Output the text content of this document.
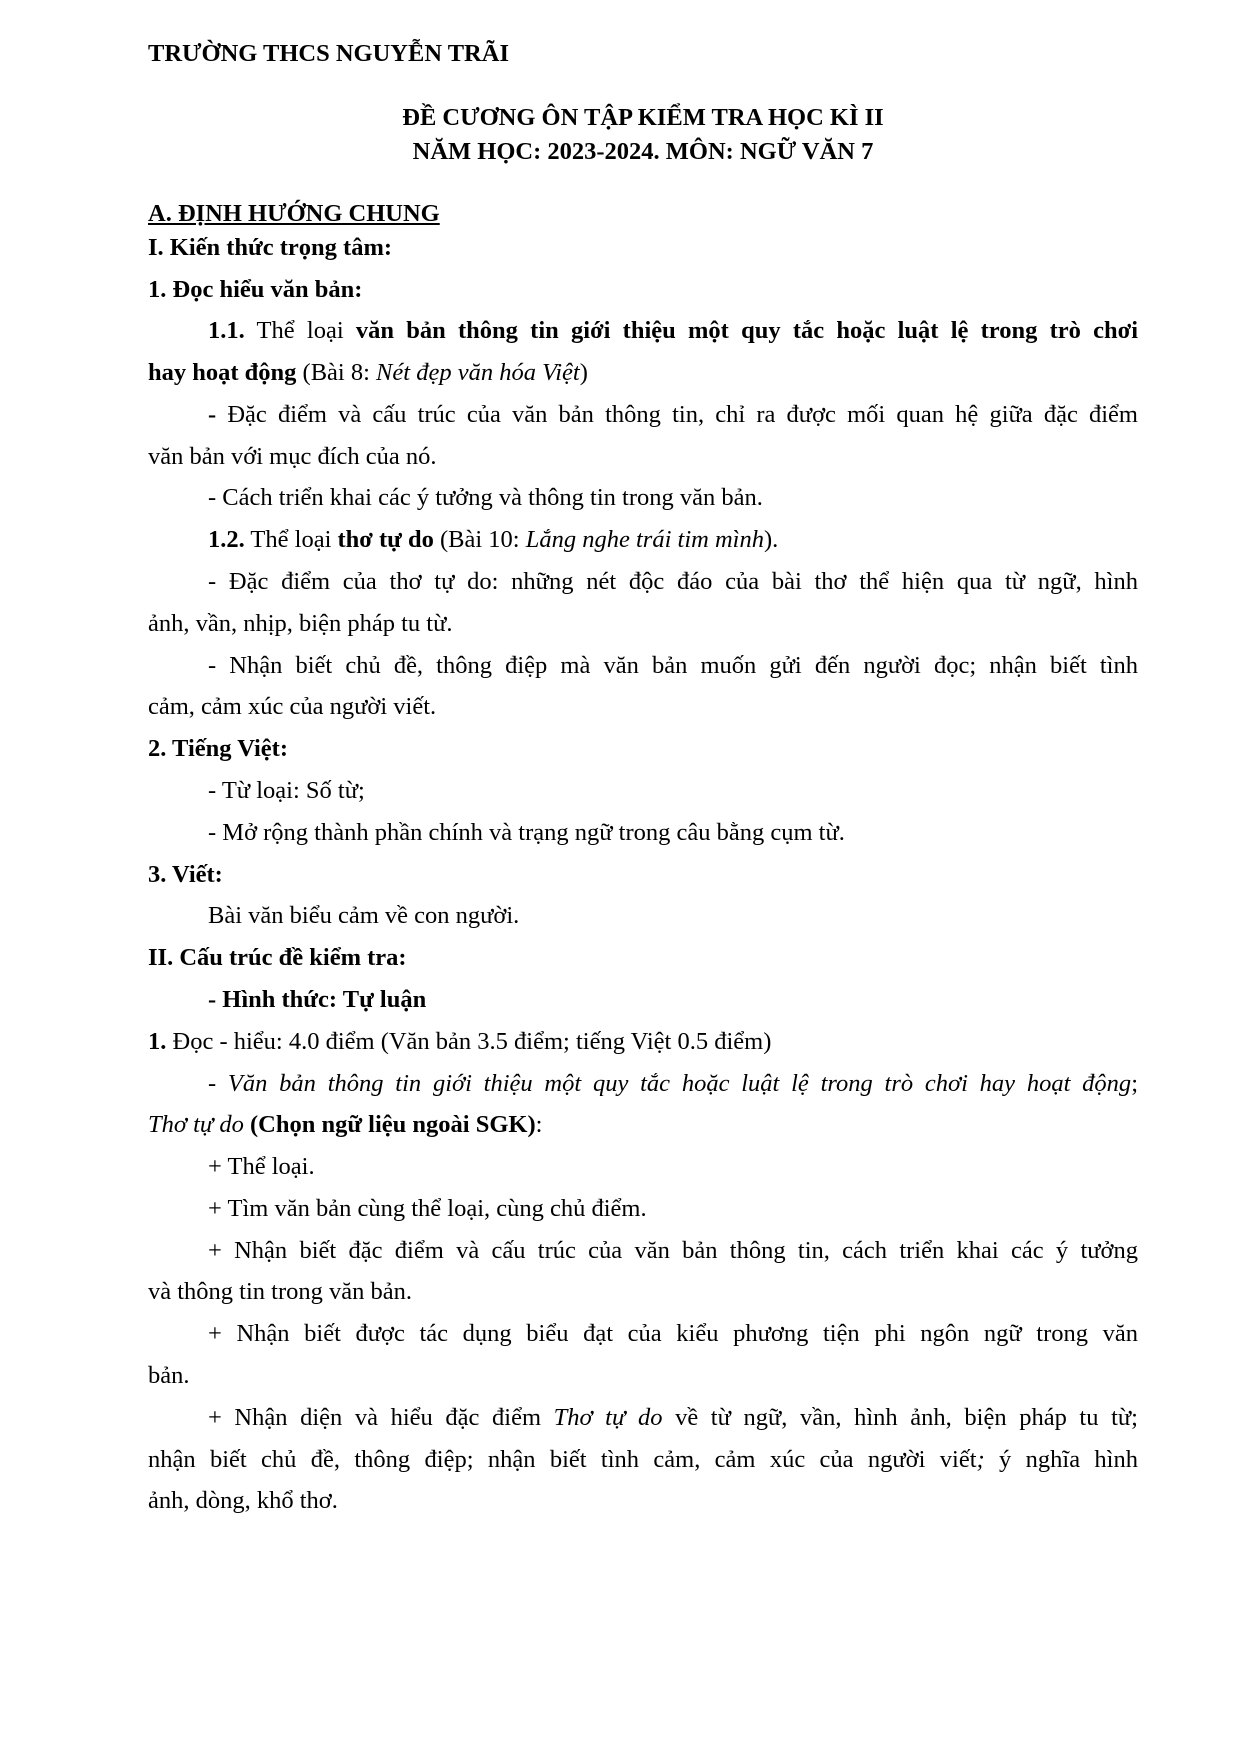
TRƯỜNG THCS NGUYỄN TRÃI
ĐỀ CƯƠNG ÔN TẬP KIỂM TRA HỌC KÌ II
NĂM HỌC: 2023-2024. MÔN: NGỮ VĂN 7
A. ĐỊNH HƯỚNG CHUNG
I. Kiến thức trọng tâm:
1. Đọc hiểu văn bản:
1.1. Thể loại văn bản thông tin giới thiệu một quy tắc hoặc luật lệ trong trò chơi
hay hoạt động (Bài 8: Nét đẹp văn hóa Việt)
- Đặc điểm và cấu trúc của văn bản thông tin, chỉ ra được mối quan hệ giữa đặc điểm
văn bản với mục đích của nó.
- Cách triển khai các ý tưởng và thông tin trong văn bản.
1.2. Thể loại thơ tự do (Bài 10: Lắng nghe trái tim mình).
- Đặc điểm của thơ tự do: những nét độc đáo của bài thơ thể hiện qua từ ngữ, hình
ảnh, vần, nhịp, biện pháp tu từ.
- Nhận biết chủ đề, thông điệp mà văn bản muốn gửi đến người đọc; nhận biết tình
cảm, cảm xúc của người viết.
2. Tiếng Việt:
- Từ loại: Số từ;
- Mở rộng thành phần chính và trạng ngữ trong câu bằng cụm từ.
3. Viết:
Bài văn biểu cảm về con người.
II. Cấu trúc đề kiểm tra:
- Hình thức: Tự luận
1. Đọc - hiểu: 4.0 điểm (Văn bản 3.5 điểm; tiếng Việt 0.5 điểm)
- Văn bản thông tin giới thiệu một quy tắc hoặc luật lệ trong trò chơi hay hoạt động;
Thơ tự do (Chọn ngữ liệu ngoài SGK):
+ Thể loại.
+ Tìm văn bản cùng thể loại, cùng chủ điểm.
+ Nhận biết đặc điểm và cấu trúc của văn bản thông tin, cách triển khai các ý tưởng
và thông tin trong văn bản.
+ Nhận biết được tác dụng biểu đạt của kiểu phương tiện phi ngôn ngữ trong văn
bản.
+ Nhận diện và hiểu đặc điểm Thơ tự do về từ ngữ, vần, hình ảnh, biện pháp tu từ;
nhận biết chủ đề, thông điệp; nhận biết tình cảm, cảm xúc của người viết; ý nghĩa hình
ảnh, dòng, khổ thơ.
